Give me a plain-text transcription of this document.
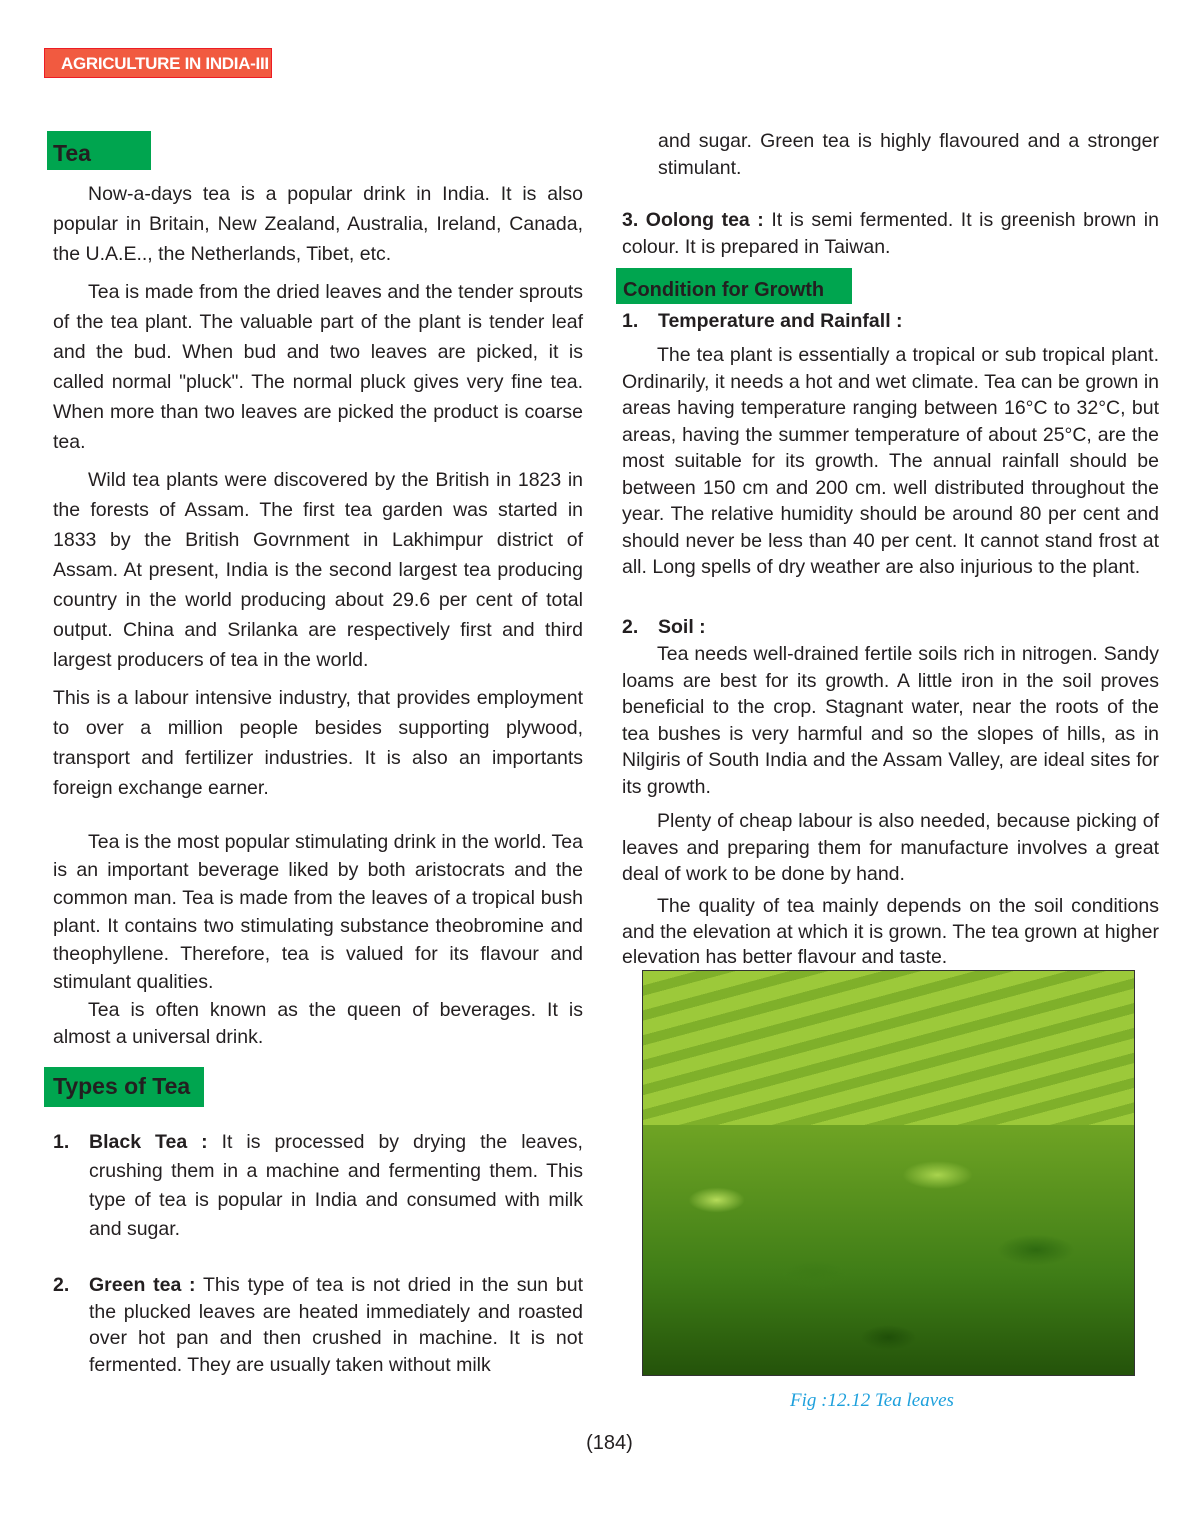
AGRICULTURE IN INDIA-III
Tea

Now-a-days tea is a popular drink in India. It is also popular in Britain, New Zealand, Australia, Ireland, Canada, the U.A.E.., the Netherlands, Tibet, etc.

Tea is made from the dried leaves and the tender sprouts of the tea plant. The valuable part of the plant is tender leaf and the bud. When bud and two leaves are picked, it is called normal "pluck". The normal pluck gives very fine tea. When more than two leaves are picked the product is coarse tea.

Wild tea plants were discovered by the British in 1823 in the forests of Assam. The first tea garden was started in 1833 by the British Govrnment in Lakhimpur district of Assam. At present, India is the second largest tea producing country in the world producing about 29.6 per cent of total output. China and Srilanka are respectively first and third largest producers of tea in the world.

This is a labour intensive industry, that provides employment to over a million people besides supporting plywood, transport and fertilizer industries. It is also an importants foreign exchange earner.

Tea is the most popular stimulating drink in the world. Tea is an important beverage liked by both aristocrats and the common man. Tea is made from the leaves of a tropical bush plant. It contains two stimulating substance theobromine and theophyllene. Therefore, tea is valued for its flavour and stimulant qualities.

Tea is often known as the queen of beverages. It is almost a universal drink.

Types of Tea
1.	Black Tea : It is processed by drying the leaves, crushing them in a machine and fermenting them. This type of tea is popular in India and consumed with milk and sugar.
2.	Green tea : This type of tea is not dried in the sun but the plucked leaves are heated immediately and roasted over hot pan and then crushed in machine. It is not fermented. They are usually taken without milk

and sugar. Green tea is highly flavoured and a stronger stimulant.

3. Oolong tea : It is semi fermented. It is greenish brown in colour. It is prepared in Taiwan.

Condition for Growth
1.	Temperature and Rainfall :

The tea plant is essentially a tropical or sub tropical plant. Ordinarily, it needs a hot and wet climate. Tea can be grown in areas having temperature ranging between 16°C to 32°C, but areas, having the summer temperature of about 25°C, are the most suitable for its growth. The annual rainfall should be between 150 cm and 200 cm. well distributed throughout the year. The relative humidity should be around 80 per cent and should never be less than 40 per cent. It cannot stand frost at all. Long spells of dry weather are also injurious to the plant.

2.	Soil :

Tea needs well-drained fertile soils rich in nitrogen. Sandy loams are best for its growth. A little iron in the soil proves beneficial to the crop. Stagnant water, near the roots of the tea bushes is very harmful and so the slopes of hills, as in Nilgiris of South India and the Assam Valley, are ideal sites for its growth.

Plenty of cheap labour is also needed, because picking of leaves and preparing them for manufacture involves a great deal of work to be done by hand.

The quality of tea mainly depends on the soil conditions and the elevation at which it is grown. The tea grown at higher elevation has better flavour and taste.

Fig :12.12 Tea leaves
(184)
